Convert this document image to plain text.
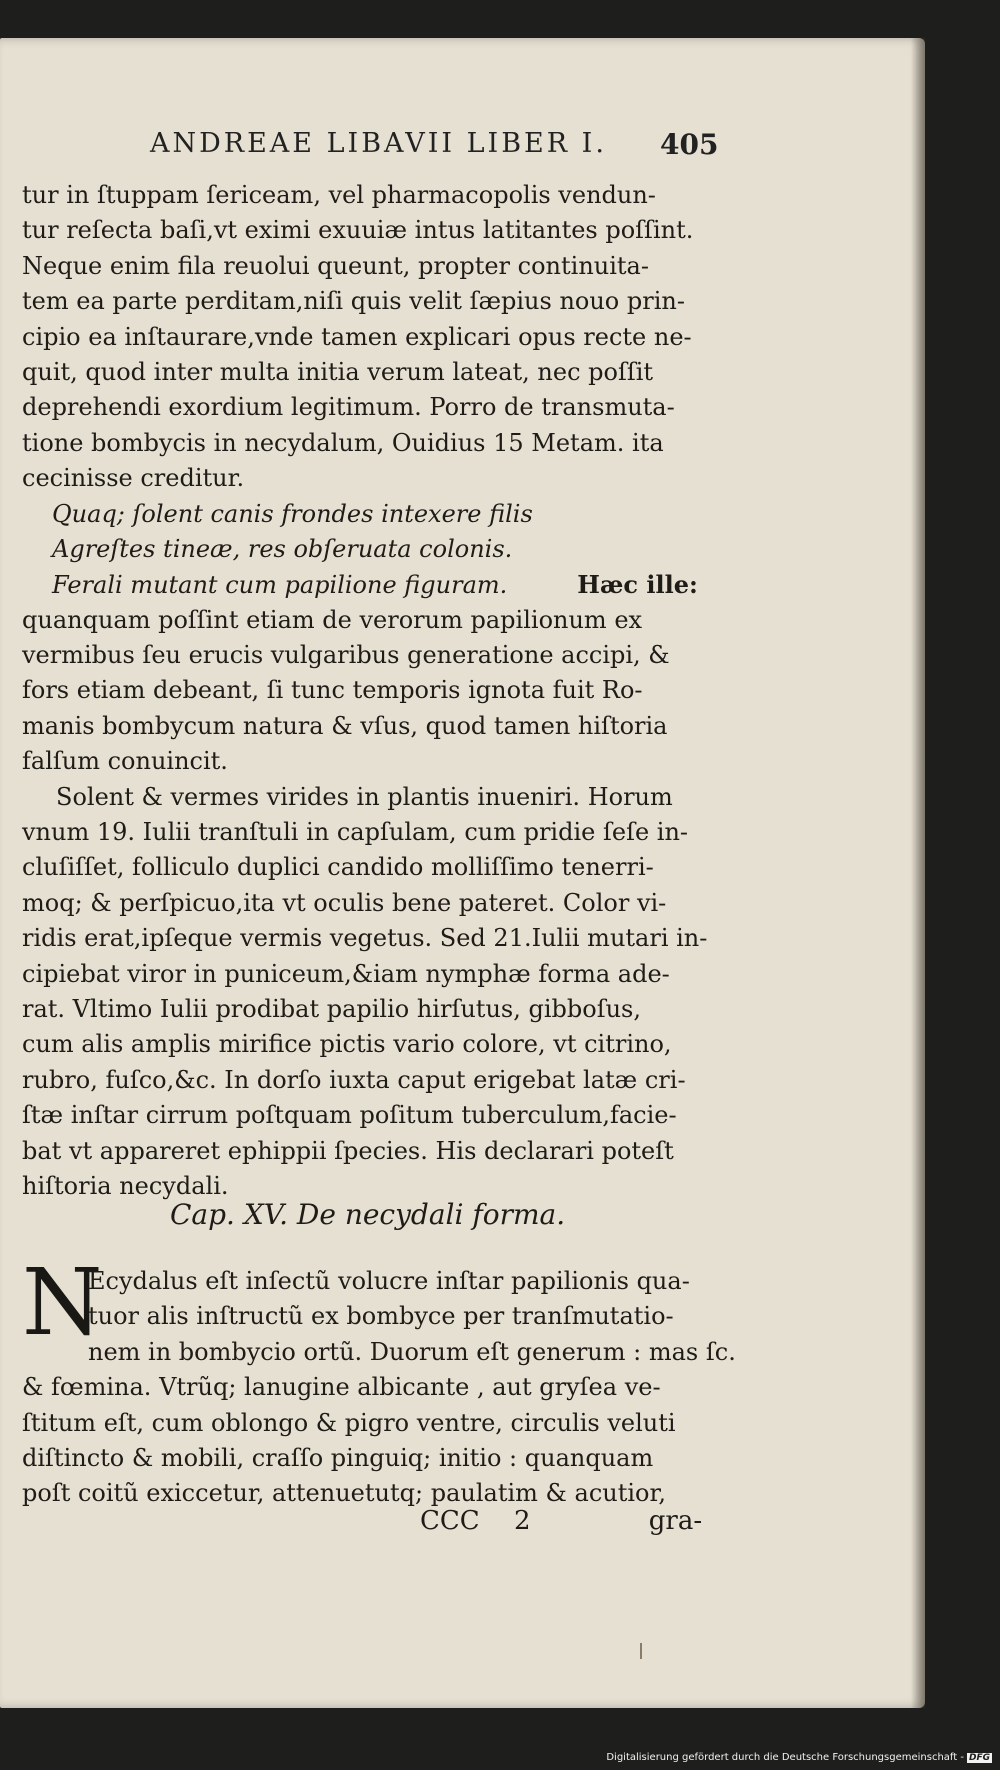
ANDREAE LIBAVII LIBER I. 405
tur in ſtuppam ſericeam, vel pharmacopolis vendun-
tur reſecta baſi,vt eximi exuuiæ intus latitantes poſſint.
Neque enim fila reuolui queunt, propter continuita-
tem ea parte perditam,niſi quis velit ſæpius nouo prin-
cipio ea inſtaurare,vnde tamen explicari opus recte ne-
quit, quod inter multa initia verum lateat, nec poſſit
deprehendi exordium legitimum. Porro de transmuta-
tione bombycis in necydalum, Ouidius 15 Metam. ita
cecinisse creditur.
Quaq; ſolent canis frondes intexere filis
Agreſtes tineæ, res obſeruata colonis.
Ferali mutant cum papilione figuram.	Hæc ille:
quanquam poſſint etiam de verorum papilionum ex
vermibus ſeu erucis vulgaribus generatione accipi, &
fors etiam debeant, ſi tunc temporis ignota fuit Ro-
manis bombycum natura & vſus, quod tamen hiſtoria
falſum conuincit.
Solent & vermes virides in plantis inueniri. Horum
vnum 19. Iulii tranſtuli in capſulam, cum pridie ſeſe in-
cluſiſſet, folliculo duplici candido molliſſimo tenerri-
moq; & perſpicuo,ita vt oculis bene pateret. Color vi-
ridis erat,ipſeque vermis vegetus. Sed 21.Iulii mutari in-
cipiebat viror in puniceum,&iam nymphæ forma ade-
rat. Vltimo Iulii prodibat papilio hirſutus, gibboſus,
cum alis amplis mirifice pictis vario colore, vt citrino,
rubro, fuſco,&c. In dorſo iuxta caput erigebat latæ cri-
ſtæ inſtar cirrum poſtquam poſitum tuberculum,facie-
bat vt appareret ephippii ſpecies. His declarari poteſt
hiſtoria necydali.
Cap. XV. De necydali forma.
N
Ecydalus eſt inſectũ volucre inſtar papilionis qua-
tuor alis inſtructũ ex bombyce per tranſmutatio-
nem in bombycio ortũ. Duorum eſt generum : mas ſc.
& fœmina. Vtrũq; lanugine albicante , aut gryſea ve-
ſtitum eſt, cum oblongo & pigro ventre, circulis veluti
diſtincto & mobili, craſſo pinguiq; initio : quanquam
poſt coitũ exiccetur, attenuetutq; paulatim & acutior,
CCC 2	gra-
Digitalisierung gefördert durch die Deutsche Forschungsgemeinschaft - DFG
